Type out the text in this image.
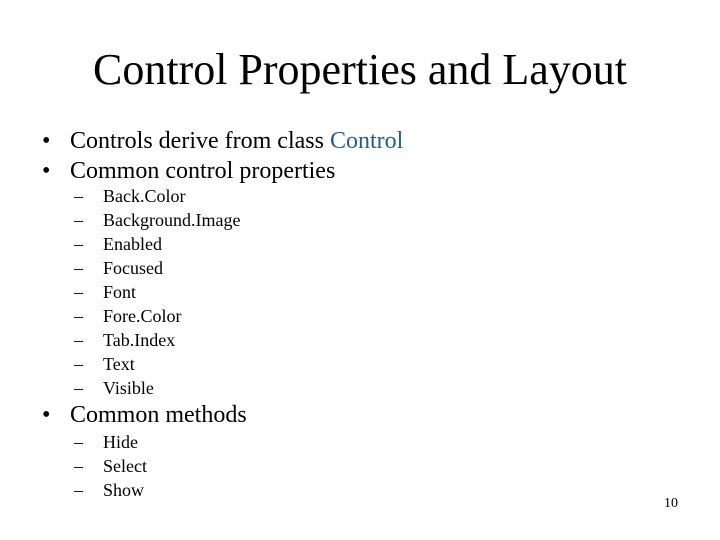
Control Properties and Layout
• Controls derive from class Control
• Common control properties
– Back.Color
– Background.Image
– Enabled
– Focused
– Font
– Fore.Color
– Tab.Index
– Text
– Visible
• Common methods
– Hide
– Select
– Show
10
